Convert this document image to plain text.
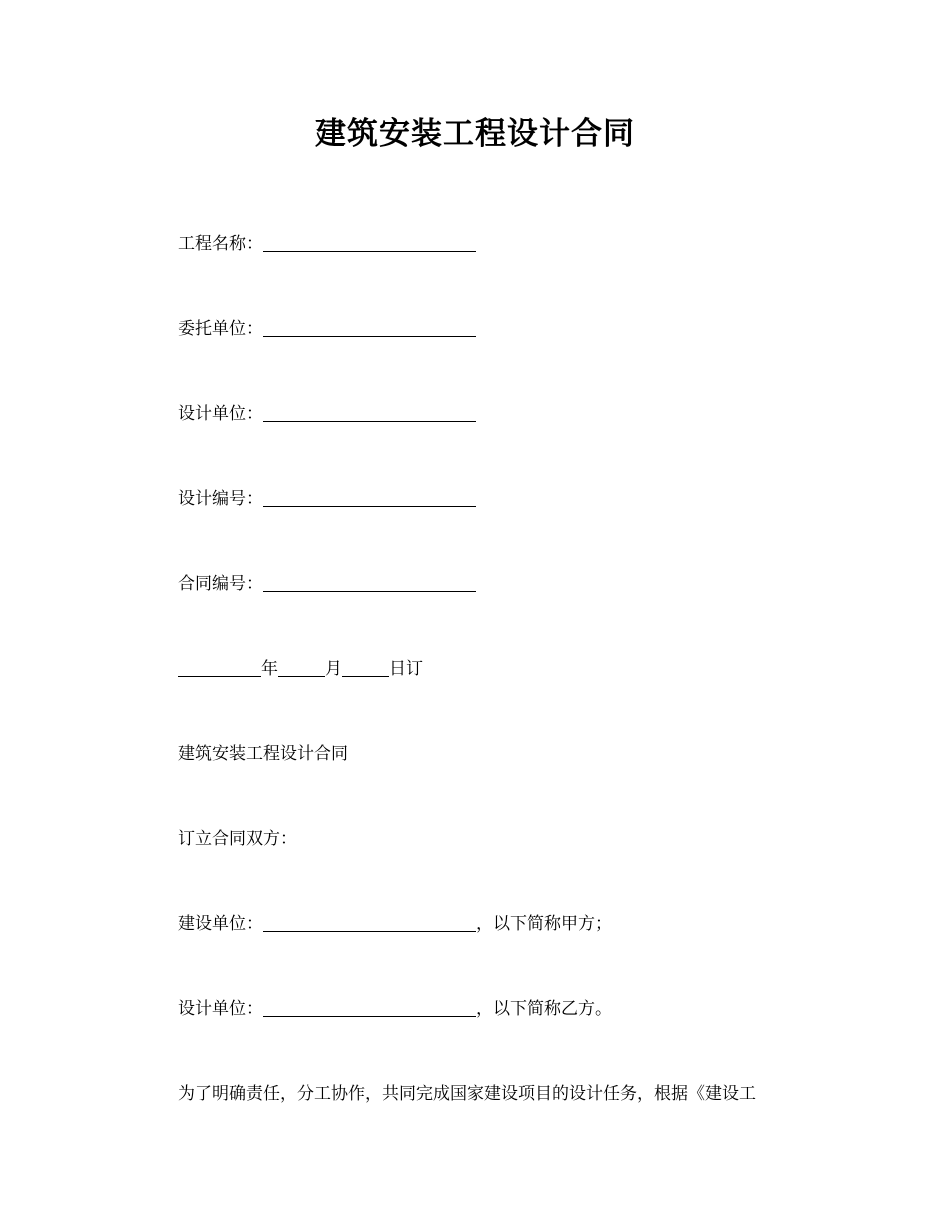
建筑安装工程设计合同
工程名称：
委托单位：
设计单位：
设计编号：
合同编号：
年	月	日订
建筑安装工程设计合同
订立合同双方：
建设单位：	，以下简称甲方；
设计单位：	，以下简称乙方。
为了明确责任，分工协作，共同完成国家建设项目的设计任务，根据《建设工
